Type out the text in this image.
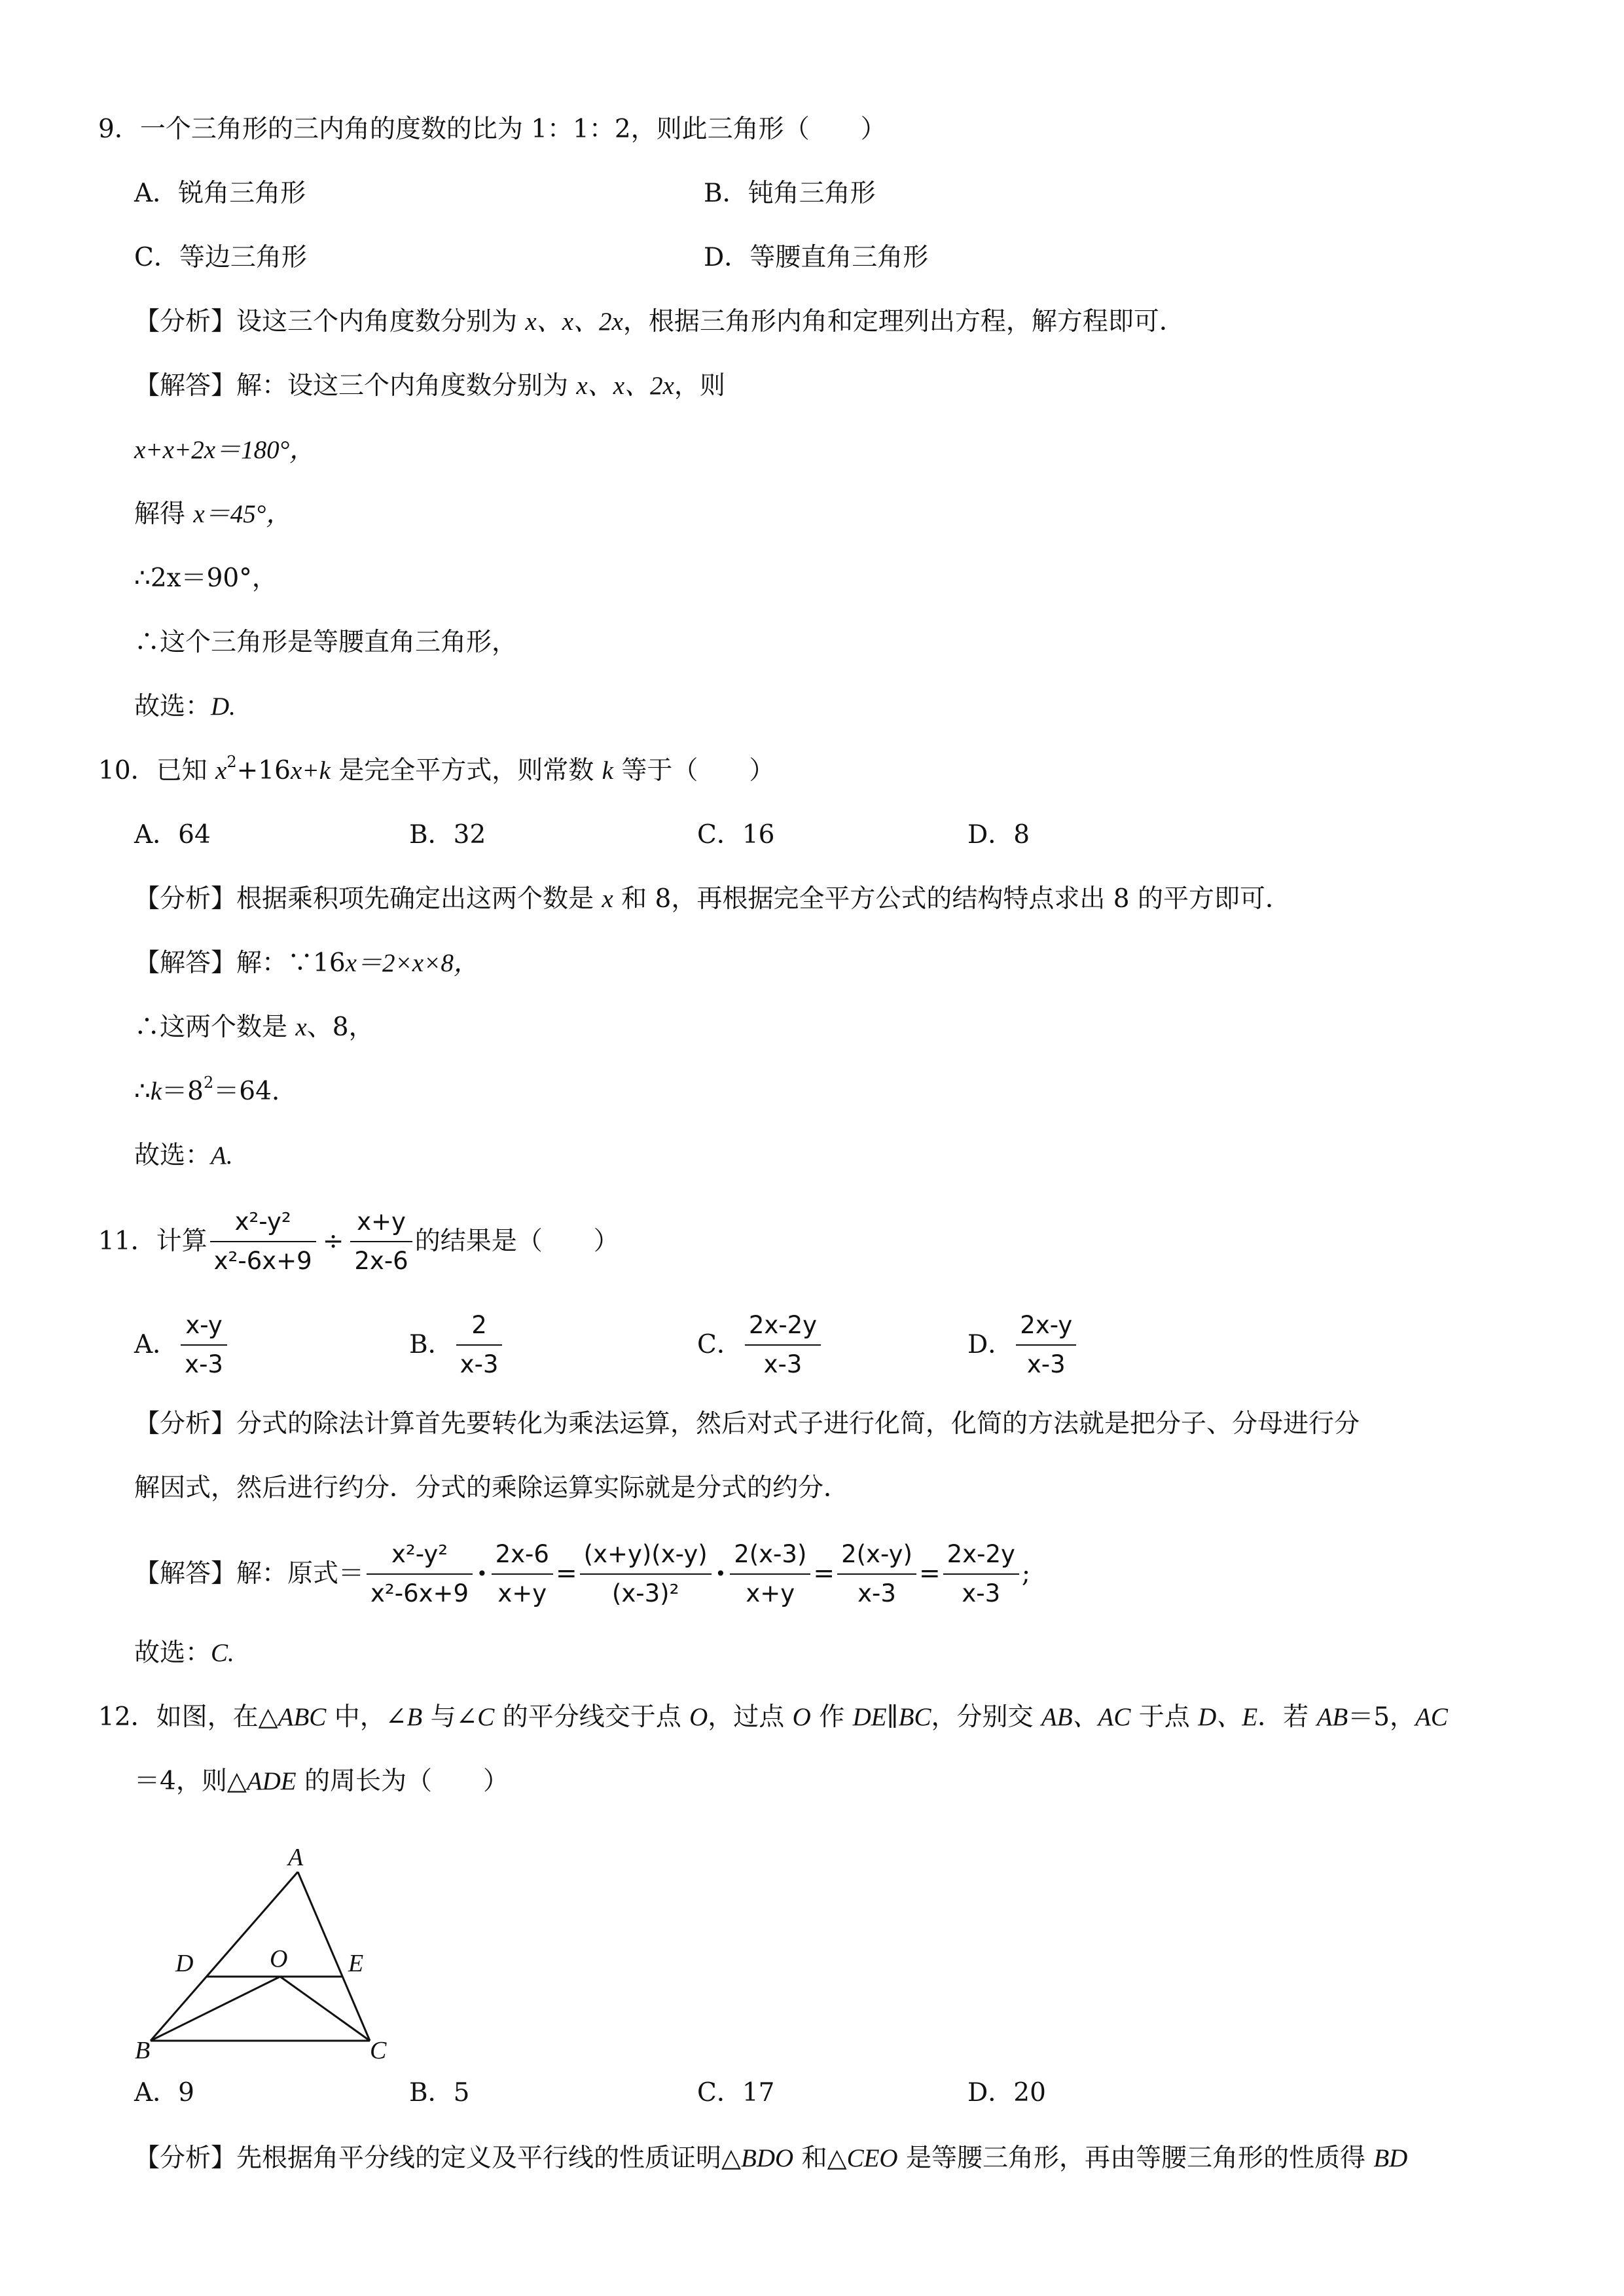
9．一个三角形的三内角的度数的比为 1：1：2，则此三角形（　　）
A．锐角三角形	B．钝角三角形
C．等边三角形	D．等腰直角三角形
【分析】设这三个内角度数分别为 x、x、2x，根据三角形内角和定理列出方程，解方程即可．
【解答】解：设这三个内角度数分别为 x、x、2x，则
x+x+2x＝180°，
解得 x＝45°，
∴2x＝90°，
∴这个三角形是等腰直角三角形，
故选：D.
10．已知 $x^2+16x+k$ 是完全平方式，则常数 k 等于（　　）
A．64	B．32	C．16	D．8
【分析】根据乘积项先确定出这两个数是 x 和 8，再根据完全平方公式的结构特点求出 8 的平方即可．
【解答】解：∵16x＝2×x×8，
∴这两个数是 x、8，
$\therefore k=8^2=64$.
故选：A.
11．计算 $\frac{\text{x²-y²}}{\text{x²-6x+9}} \div \frac{x+y}{2x-6}$ 的结果是（　　）
A． $\frac{x-y}{x-3}$	B． $\frac{2}{x-3}$	C． $\frac{2x-2y}{x-3}$	D． $\frac{2x-y}{x-3}$
【分析】分式的除法计算首先要转化为乘法运算，然后对式子进行化简，化简的方法就是把分子、分母进行分
解因式，然后进行约分．分式的乘除运算实际就是分式的约分．
【解答】 解：原式＝ $\frac{\text{x²-y²}}{\text{x²-6x+9}}$ • $\frac{2x-6}{x+y} = \frac{(x+y)(x-y)}{\text{(x-3)²}}$ • $\frac{2(x-3)}{x+y} = \frac{2(x-y)}{x-3} = \frac{2x-2y}{x-3}$ ;
故选：C.
12．如图，在△ABC 中，∠B 与∠C 的平分线交于点 O，过点 O 作 DE∥BC，分别交 AB、AC 于点 D、E．若 AB＝5，AC
＝4，则△ADE 的周长为（　　）
A
D	O E
B	C
A．9	B．5	C．17	D．20
【分析】先根据角平分线的定义及平行线的性质证明△BDO 和△CEO 是等腰三角形，再由等腰三角形的性质得 BD
